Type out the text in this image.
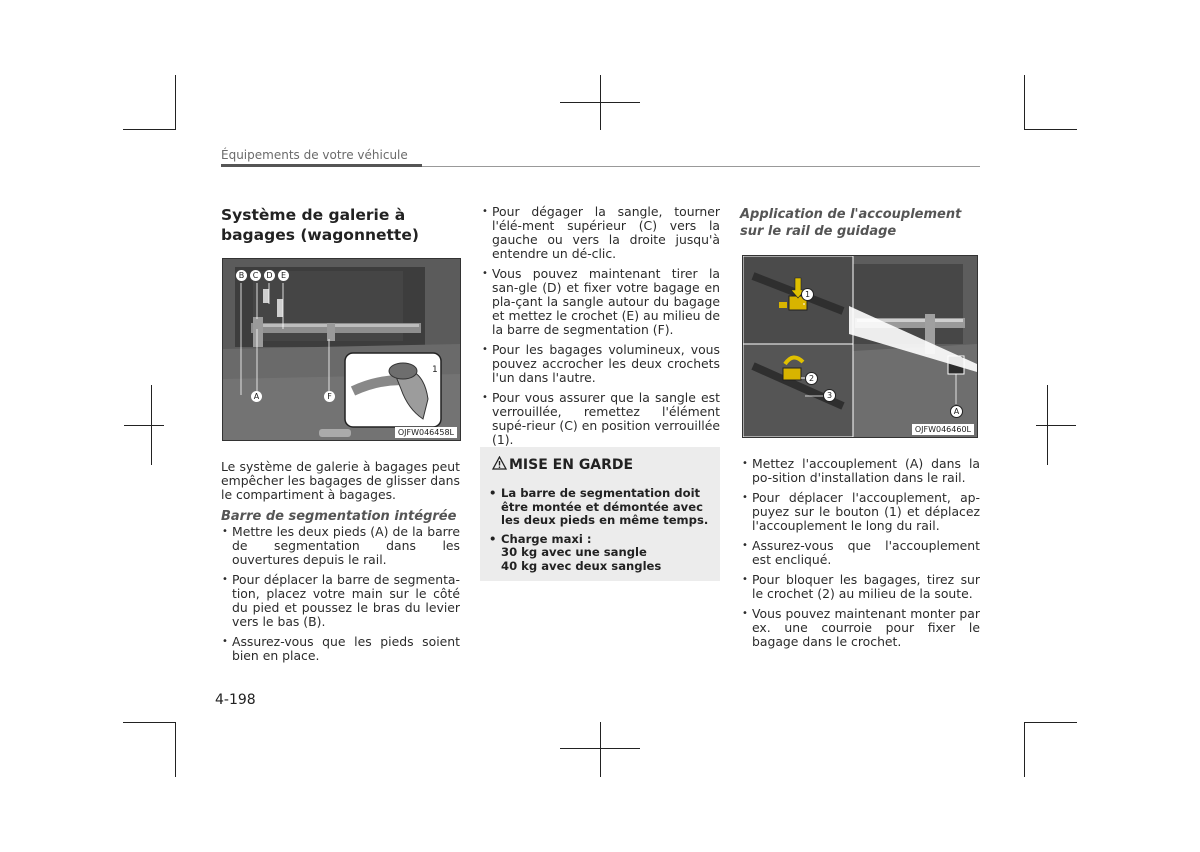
Équipements de votre véhicule
Système de galerie à bagages (wagonnette)
B	C	D	E
A	F
1
OJFW046458L

Le système de galerie à bagages peut empêcher les bagages de glisser dans le compartiment à bagages.

Barre de segmentation intégrée
• Mettre les deux pieds (A) de la barre de segmentation dans les ouvertures depuis le rail.
• Pour déplacer la barre de segmenta-tion, placez votre main sur le côté du pied et poussez le bras du levier vers le bas (B).
• Assurez-vous que les pieds soient bien en place.
• Pour dégager la sangle, tourner l'élé-ment supérieur (C) vers la gauche ou vers la droite jusqu'à entendre un dé-clic.
• Vous pouvez maintenant tirer la san-gle (D) et fixer votre bagage en pla-çant la sangle autour du bagage et mettez le crochet (E) au milieu de la barre de segmentation (F).
• Pour les bagages volumineux, vous pouvez accrocher les deux crochets l'un dans l'autre.
• Pour vous assurer que la sangle est verrouillée, remettez l'élément supé-rieur (C) en position verrouillée (1).
MISE EN GARDE
• La barre de segmentation doit être montée et démontée avec les deux pieds en même temps.
• Charge maxi :
30 kg avec une sangle
40 kg avec deux sangles
Application de l'accouplement sur le rail de guidage
1
2
3
A
OJFW046460L
• Mettez l'accouplement (A) dans la po-sition d'installation dans le rail.
• Pour déplacer l'accouplement, ap-puyez sur le bouton (1) et déplacez l'accouplement le long du rail.
• Assurez-vous que l'accouplement est encliqué.
• Pour bloquer les bagages, tirez sur le crochet (2) au milieu de la soute.
• Vous pouvez maintenant monter par ex. une courroie pour fixer le bagage dans le crochet.
4-198
